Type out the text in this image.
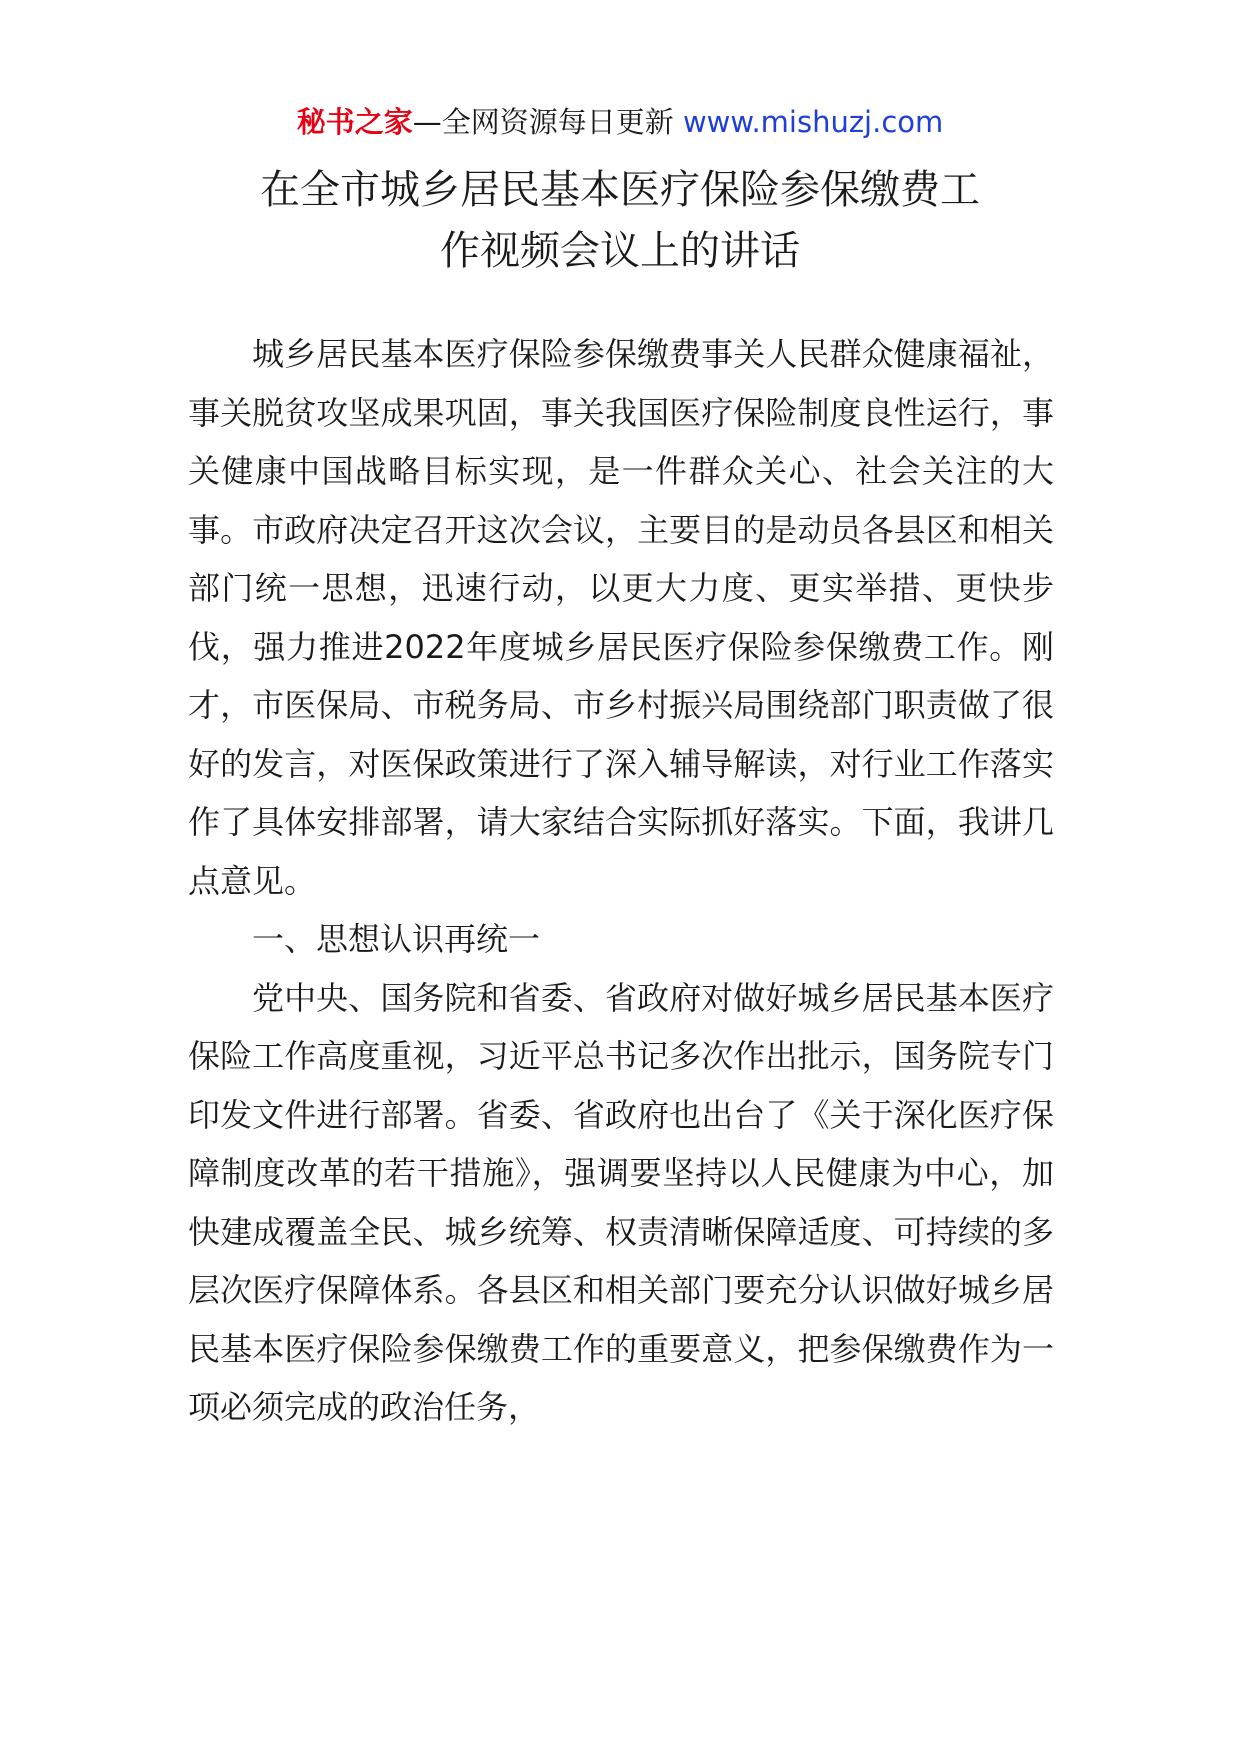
秘书之家—全网资源每日更新 www.mishuzj.com
在全市城乡居民基本医疗保险参保缴费工
作视频会议上的讲话

城乡居民基本医疗保险参保缴费事关人民群众健康福祉，事关脱贫攻坚成果巩固，事关我国医疗保险制度良性运行，事关健康中国战略目标实现，是一件群众关心、社会关注的大事。市政府决定召开这次会议，主要目的是动员各县区和相关部门统一思想，迅速行动，以更大力度、更实举措、更快步伐，强力推进2022年度城乡居民医疗保险参保缴费工作。刚才，市医保局、市税务局、市乡村振兴局围绕部门职责做了很好的发言，对医保政策进行了深入辅导解读，对行业工作落实作了具体安排部署，请大家结合实际抓好落实。下面，我讲几点意见。

一、思想认识再统一

党中央、国务院和省委、省政府对做好城乡居民基本医疗保险工作高度重视，习近平总书记多次作出批示，国务院专门印发文件进行部署。省委、省政府也出台了《关于深化医疗保障制度改革的若干措施》，强调要坚持以人民健康为中心，加快建成覆盖全民、城乡统筹、权责清晰保障适度、可持续的多层次医疗保障体系。各县区和相关部门要充分认识做好城乡居民基本医疗保险参保缴费工作的重要意义，把参保缴费作为一项必须完成的政治任务，
